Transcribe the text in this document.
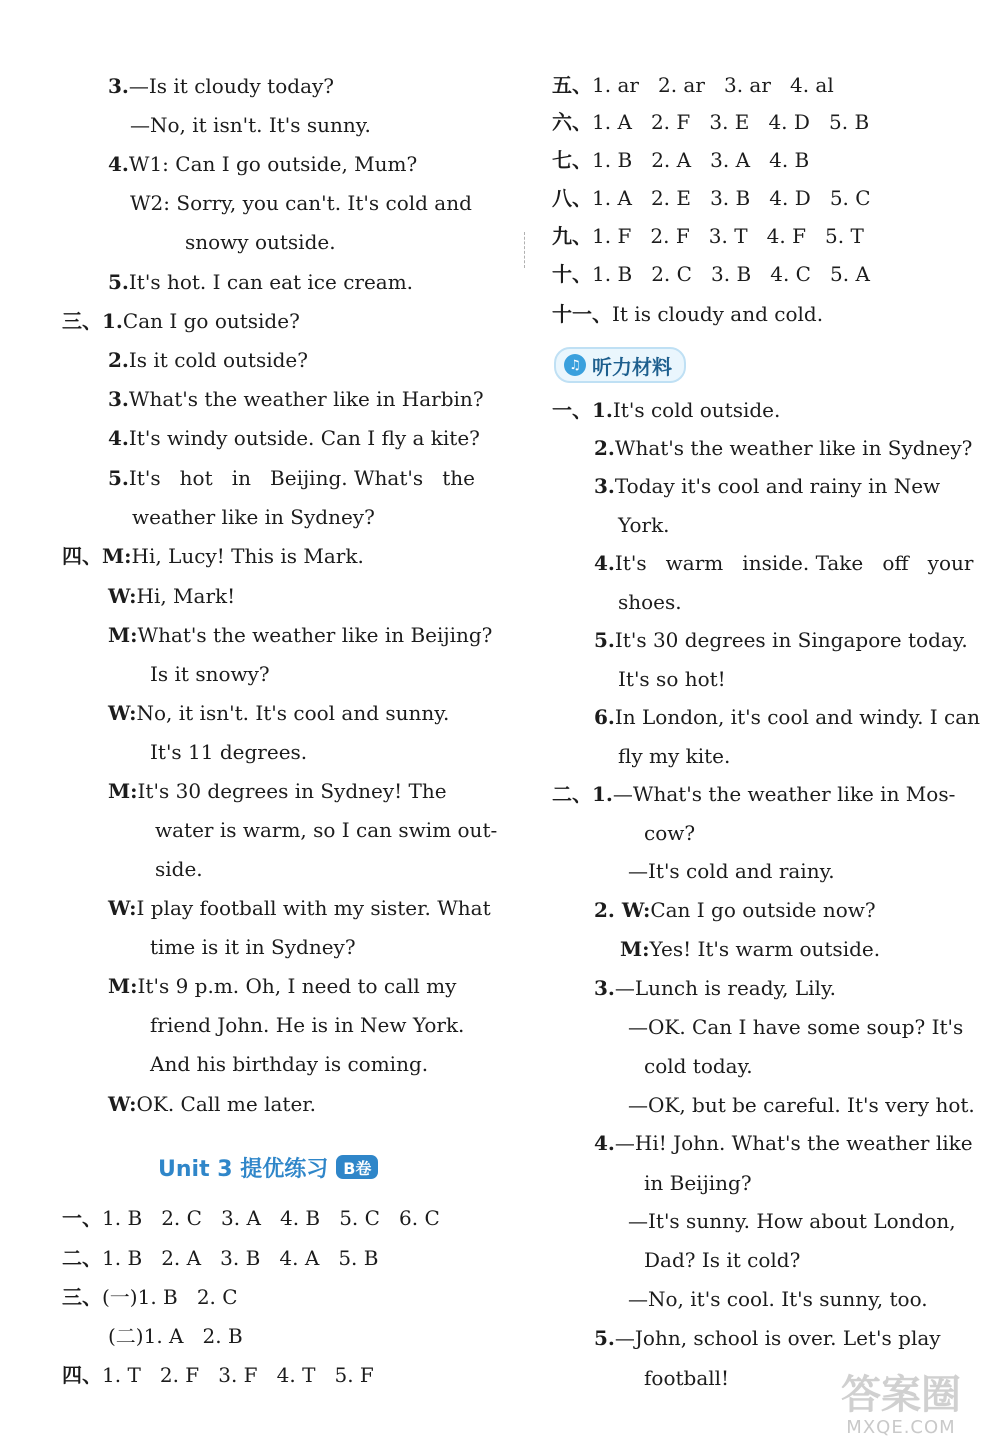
3.—Is it cloudy today?
—No, it isn't. It's sunny.
4.W1: Can I go outside, Mum?
W2: Sorry, you can't. It's cold and
snowy outside.
5.It's hot. I can eat ice cream.
三、1.Can I go outside?
2.Is it cold outside?
3.What's the weather like in Harbin?
4.It's windy outside. Can I fly a kite?
5.It's   hot   in   Beijing. What's   the
weather like in Sydney?
四、M:Hi, Lucy! This is Mark.
W:Hi, Mark!
M:What's the weather like in Beijing?
Is it snowy?
W:No, it isn't. It's cool and sunny.
It's 11 degrees.
M:It's 30 degrees in Sydney! The
water is warm, so I can swim out-
side.
W:I play football with my sister. What
time is it in Sydney?
M:It's 9 p.m. Oh, I need to call my
friend John. He is in New York.
And his birthday is coming.
W:OK. Call me later.
一、1. B   2. C   3. A   4. B   5. C   6. C
二、1. B   2. A   3. B   4. A   5. B
三、(一)1. B   2. C
(二)1. A   2. B
四、1. T   2. F   3. F   4. T   5. F
Unit 3 提优练习 B卷
♫ 听力材料
五、1. ar   2. ar   3. ar   4. al
六、1. A   2. F   3. E   4. D   5. B
七、1. B   2. A   3. A   4. B
八、1. A   2. E   3. B   4. D   5. C
九、1. F   2. F   3. T   4. F   5. T
十、1. B   2. C   3. B   4. C   5. A
十一、It is cloudy and cold.
一、1.It's cold outside.
2.What's the weather like in Sydney?
3.Today it's cool and rainy in New
York.
4.It's   warm   inside. Take   off   your
shoes.
5.It's 30 degrees in Singapore today.
It's so hot!
6.In London, it's cool and windy. I can
fly my kite.
二、1.—What's the weather like in Mos-
cow?
—It's cold and rainy.
2. W:Can I go outside now?
M:Yes! It's warm outside.
3.—Lunch is ready, Lily.
—OK. Can I have some soup? It's
cold today.
—OK, but be careful. It's very hot.
4.—Hi! John. What's the weather like
in Beijing?
—It's sunny. How about London,
Dad? Is it cold?
—No, it's cool. It's sunny, too.
5.—John, school is over. Let's play
football!	答案圈
MXQE.COM
